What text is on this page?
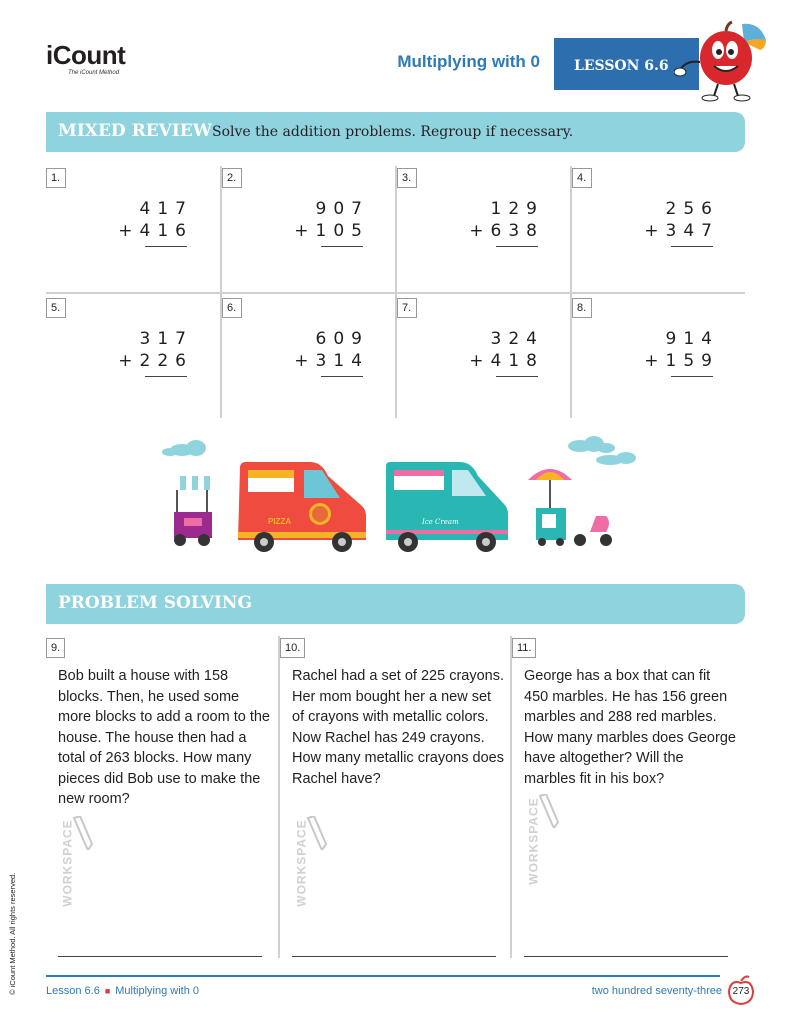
iCount
The iCount Method
Multiplying with 0	LESSON 6.6
MIXED REVIEW Solve the addition problems. Regroup if necessary.
1.
417
+416
2.
907
+105
3.
129
+638
4.
256
+347
5.
317
+226
6.
609
+314
7.
324
+418
8.
914
+159
PIZZA	Ice Cream
PROBLEM SOLVING
9.
Bob built a house with 158 blocks. Then, he used some more blocks to add a room to the house. The house then had a total of 263 blocks. How many pieces did Bob use to make the new room?
WORKSPACE
10.
Rachel had a set of 225 crayons. Her mom bought her a new set of crayons with metallic colors. Now Rachel has 249 crayons. How many metallic crayons does Rachel have?
WORKSPACE
11.
George has a box that can fit 450 marbles. He has 156 green marbles and 288 red marbles. How many marbles does George have altogether? Will the marbles fit in his box?
WORKSPACE
Lesson 6.6 ■ Multiplying with 0	two hundred seventy-three	273
© iCount Method. All rights reserved.
